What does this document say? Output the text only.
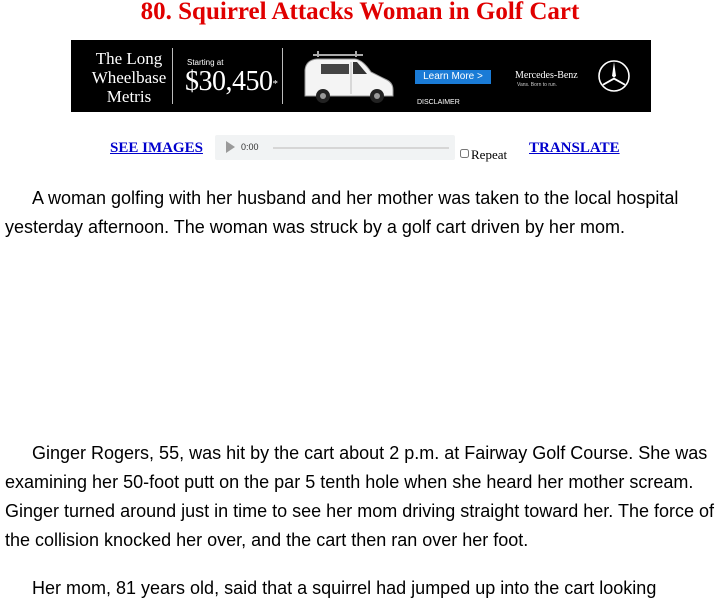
80. Squirrel Attacks Woman in Golf Cart
The Long
Wheelbase
Metris
Starting at
$30,450*
Learn More >
DISCLAIMER
Mercedes-Benz
Vans. Born to run.
SEE IMAGES	0:00	Repeat TRANSLATE

A woman golfing with her husband and her mother was taken to the local hospital yesterday afternoon. The woman was struck by a golf cart driven by her mom.

Ginger Rogers, 55, was hit by the cart about 2 p.m. at Fairway Golf Course. She was examining her 50-foot putt on the par 5 tenth hole when she heard her mother scream. Ginger turned around just in time to see her mom driving straight toward her. The force of the collision knocked her over, and the cart then ran over her foot.

Her mom, 81 years old, said that a squirrel had jumped up into the cart looking
